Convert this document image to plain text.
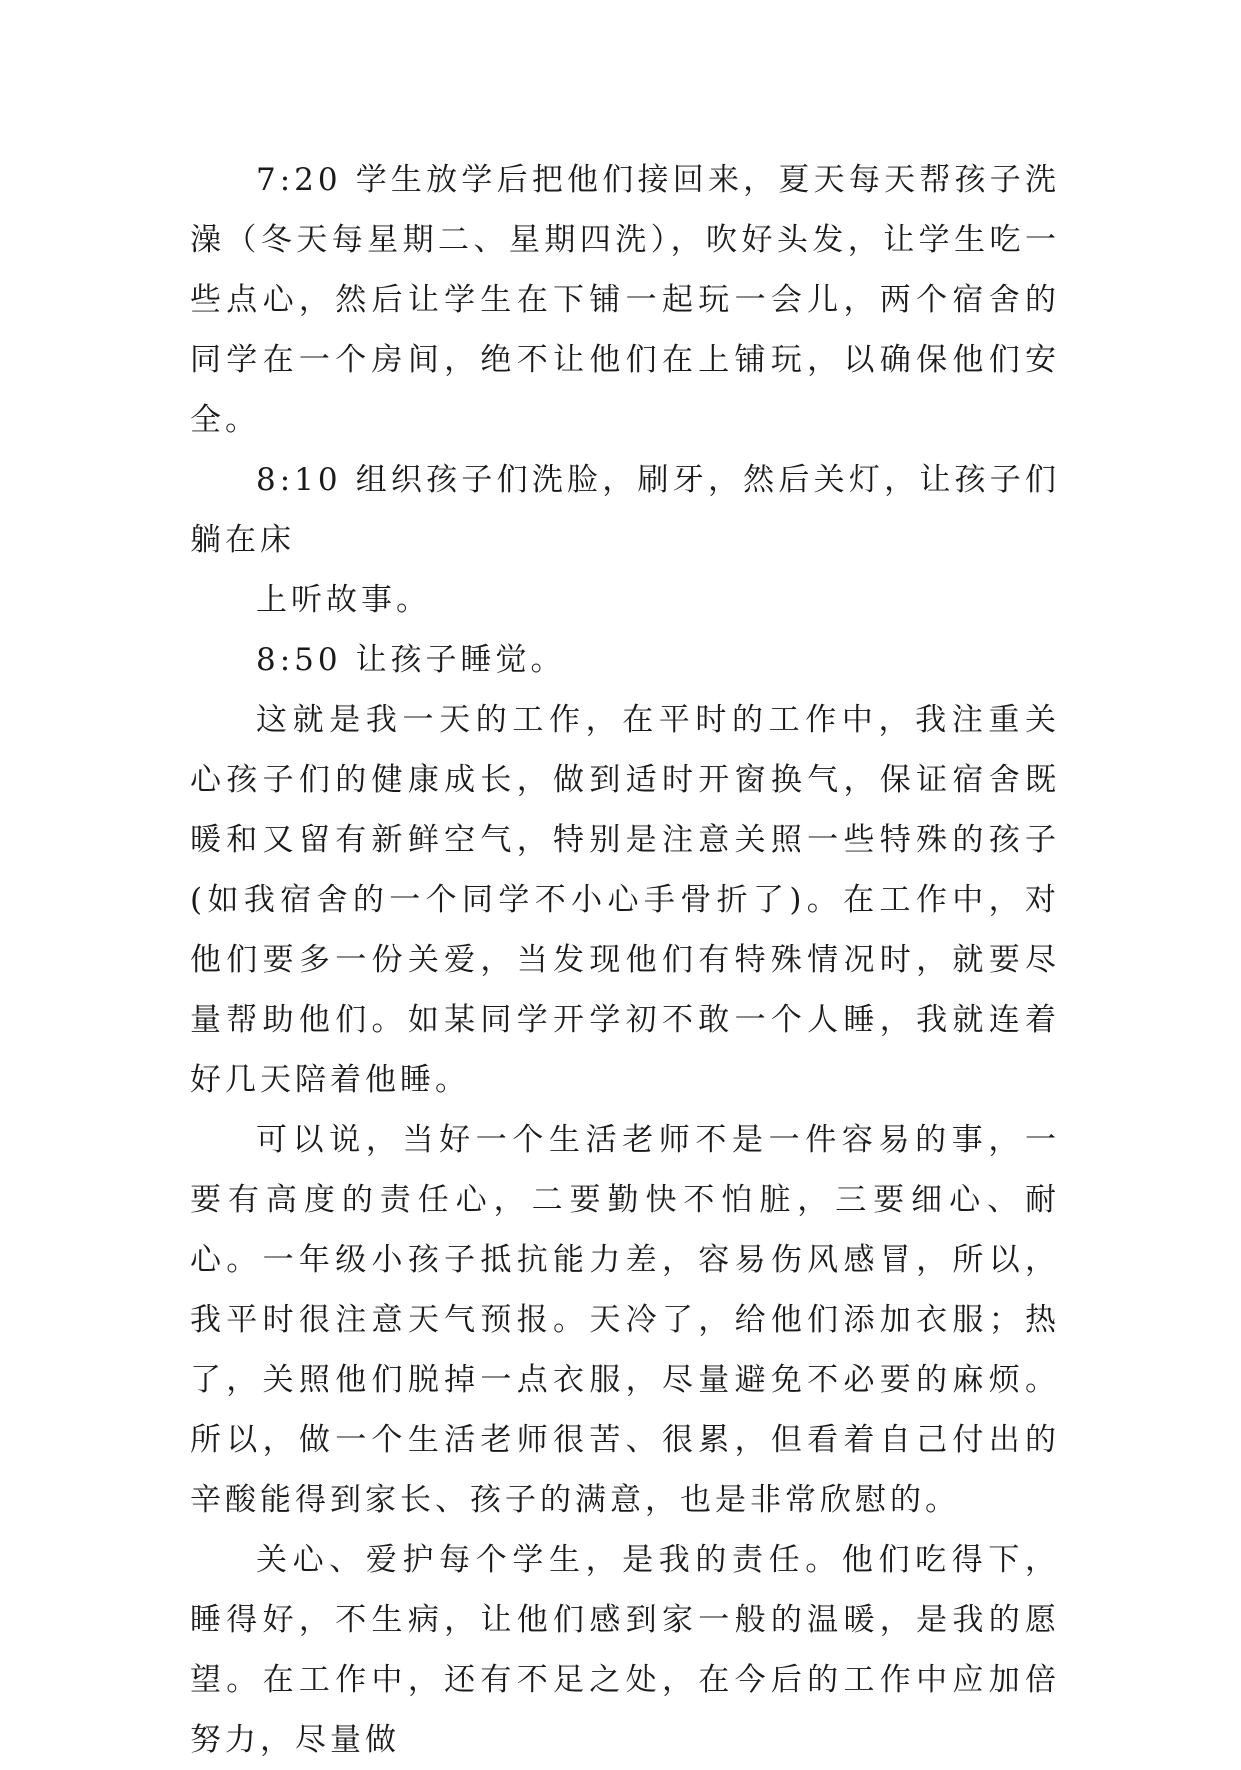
7:20 学生放学后把他们接回来，夏天每天帮孩子洗澡（冬天每星期二、星期四洗），吹好头发，让学生吃一些点心，然后让学生在下铺一起玩一会儿，两个宿舍的同学在一个房间，绝不让他们在上铺玩，以确保他们安全。

8:10 组织孩子们洗脸，刷牙，然后关灯，让孩子们躺在床

上听故事。

8:50 让孩子睡觉。

这就是我一天的工作，在平时的工作中，我注重关心孩子们的健康成长，做到适时开窗换气，保证宿舍既暖和又留有新鲜空气，特别是注意关照一些特殊的孩子(如我宿舍的一个同学不小心手骨折了)。在工作中，对他们要多一份关爱，当发现他们有特殊情况时，就要尽量帮助他们。如某同学开学初不敢一个人睡，我就连着好几天陪着他睡。

可以说，当好一个生活老师不是一件容易的事，一要有高度的责任心，二要勤快不怕脏，三要细心、耐心。一年级小孩子抵抗能力差，容易伤风感冒，所以，我平时很注意天气预报。天冷了，给他们添加衣服；热了，关照他们脱掉一点衣服，尽量避免不必要的麻烦。所以，做一个生活老师很苦、很累，但看着自己付出的辛酸能得到家长、孩子的满意，也是非常欣慰的。

关心、爱护每个学生，是我的责任。他们吃得下，睡得好，不生病，让他们感到家一般的温暖，是我的愿望。在工作中，还有不足之处，在今后的工作中应加倍努力，尽量做
